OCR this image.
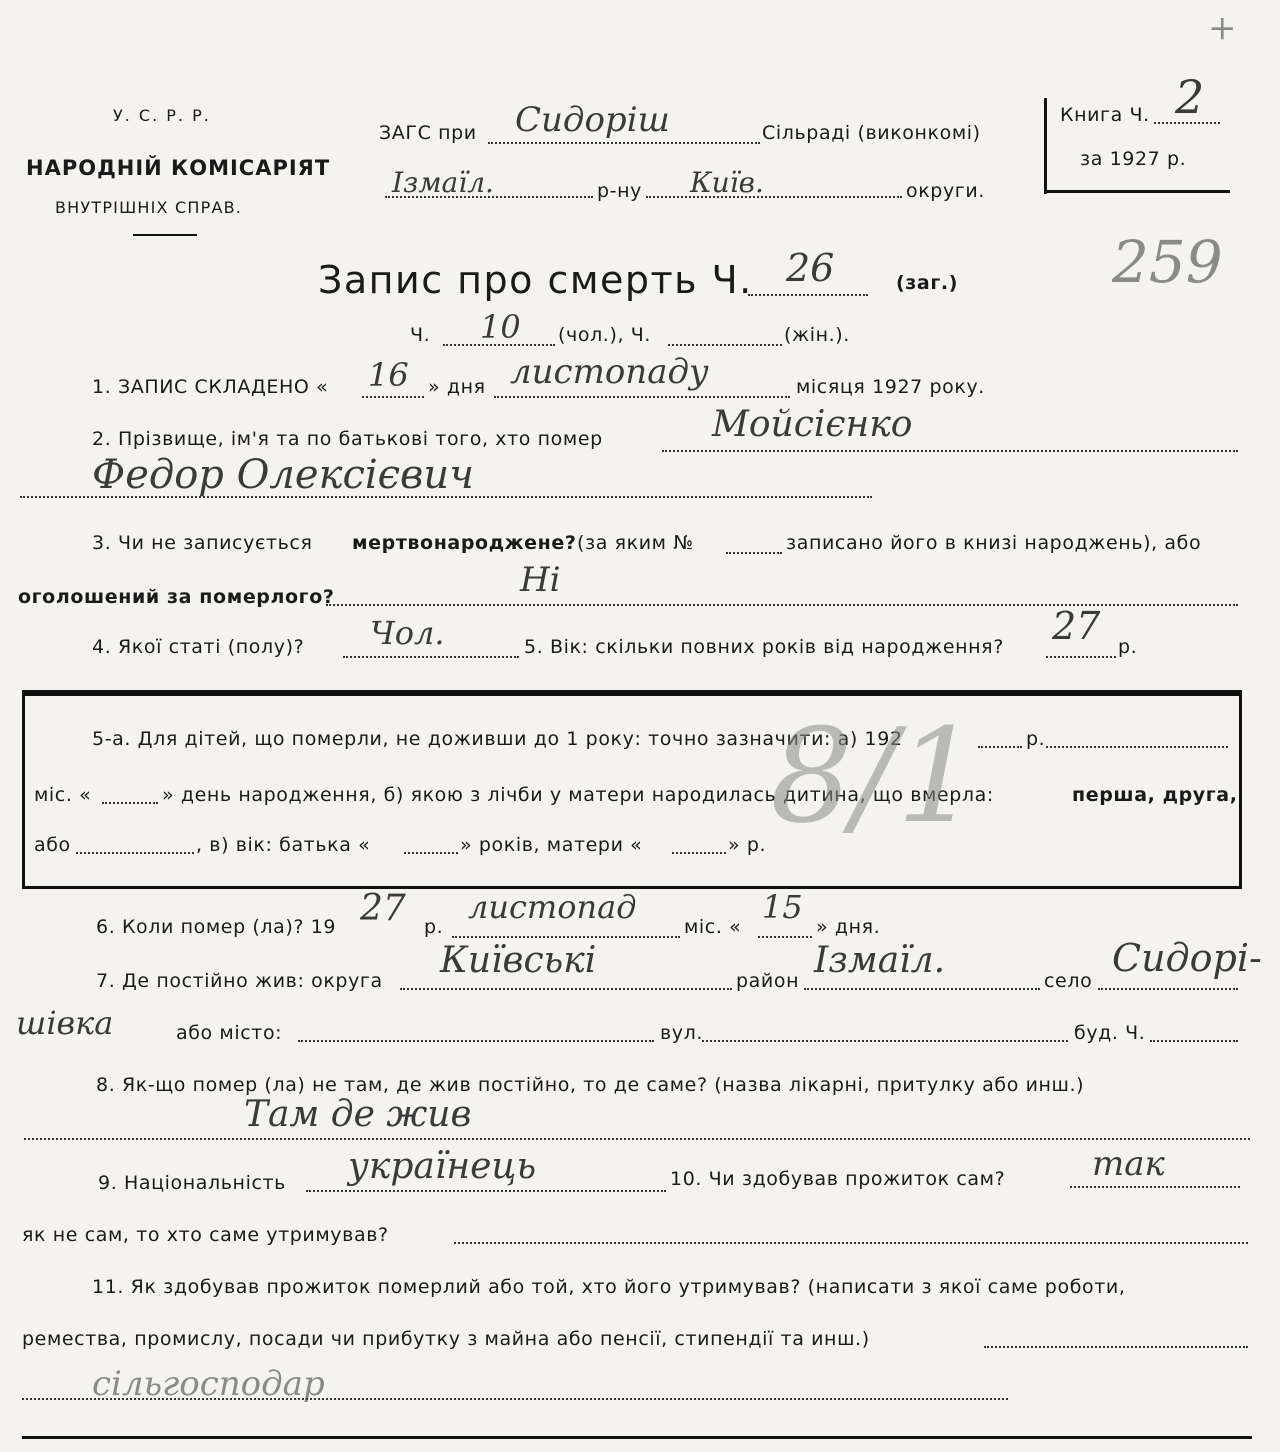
У. С. Р. Р.
НАРОДНІЙ КОМІСАРІЯТ
ВНУТРІШНІХ СПРАВ.
ЗАГС при Сидоріш	Сільраді (виконкомі)
Ізмаїл.	р-ну Київ.	округи.
Книга Ч. 2
за 1927 р.
+
259
Запис про смерть Ч. 26	(заг.)
Ч. 10 (чол.), Ч.	(жін.).
1. ЗАПИС СКЛАДЕНО « 16 » дня листопаду	місяця 1927 року.
2. Прізвище, ім'я та по батькові того, хто помер	Мойсієнко
Федор Олексієвич
3. Чи не записується мертвонароджене? (за яким №	записано його в книзі народжень), або
оголошений за померлого?	Ні
4. Якої статі (полу)? Чол.	5. Вік: скільки повних років від народження? 27 р.
5-а. Для дітей, що померли, не доживши до 1 року: точно зазначити: а) 192	р.
міс. «	» день народження, б) якою з лічби у матери народилась дитина, що вмерла:	перша, друга,
або	, в) вік: батька «	» років, матери «	» р. 8/1
6. Коли помер (ла)? 19 27 р.
листопад
міс. «
15
» дня.
7. Де постійно жив: округа Київські	район Ізмаїл.	село
Сидорі-
шівка	або місто:	вул.	буд. Ч.
8. Як-що помер (ла) не там, де жив постійно, то де саме? (назва лікарні, притулку або инш.)
Там де жив
9. Національність українець	10. Чи здобував прожиток сам?	так
як не сам, то хто саме утримував?
11. Як здобував прожиток померлий або той, хто його утримував? (написати з якої саме роботи,
ремества, промислу, посади чи прибутку з майна або пенсії, стипендії та инш.)
сільгосподар
